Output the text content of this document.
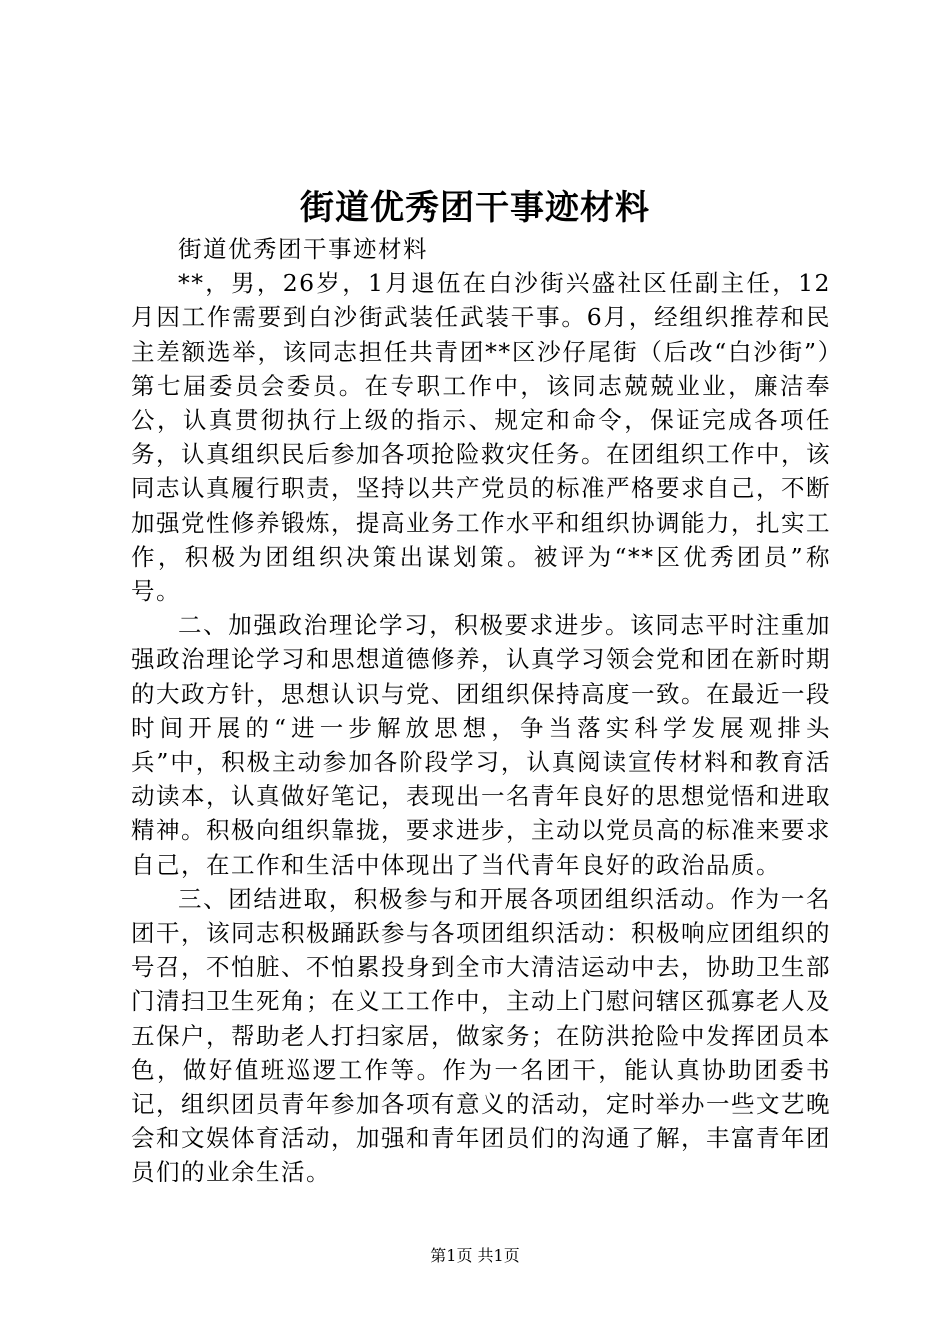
街道优秀团干事迹材料

街道优秀团干事迹材料

**，男，26岁，1月退伍在白沙街兴盛社区任副主任，12月因工作需要到白沙街武装任武装干事。6月，经组织推荐和民主差额选举，该同志担任共青团**区沙仔尾街（后改“白沙街”）第七届委员会委员。在专职工作中，该同志兢兢业业，廉洁奉公，认真贯彻执行上级的指示、规定和命令，保证完成各项任务，认真组织民后参加各项抢险救灾任务。在团组织工作中，该同志认真履行职责，坚持以共产党员的标准严格要求自己，不断加强党性修养锻炼，提高业务工作水平和组织协调能力，扎实工作，积极为团组织决策出谋划策。被评为“**区优秀团员”称号。

二、加强政治理论学习，积极要求进步。该同志平时注重加强政治理论学习和思想道德修养，认真学习领会党和团在新时期的大政方针，思想认识与党、团组织保持高度一致。在最近一段时间开展的“进一步解放思想，争当落实科学发展观排头兵”中，积极主动参加各阶段学习，认真阅读宣传材料和教育活动读本，认真做好笔记，表现出一名青年良好的思想觉悟和进取精神。积极向组织靠拢，要求进步，主动以党员高的标准来要求自己，在工作和生活中体现出了当代青年良好的政治品质。

三、团结进取，积极参与和开展各项团组织活动。作为一名团干，该同志积极踊跃参与各项团组织活动：积极响应团组织的号召，不怕脏、不怕累投身到全市大清洁运动中去，协助卫生部门清扫卫生死角；在义工工作中，主动上门慰问辖区孤寡老人及五保户，帮助老人打扫家居，做家务；在防洪抢险中发挥团员本色，做好值班巡逻工作等。作为一名团干，能认真协助团委书记，组织团员青年参加各项有意义的活动，定时举办一些文艺晚会和文娱体育活动，加强和青年团员们的沟通了解，丰富青年团员们的业余生活。

第1页 共1页
